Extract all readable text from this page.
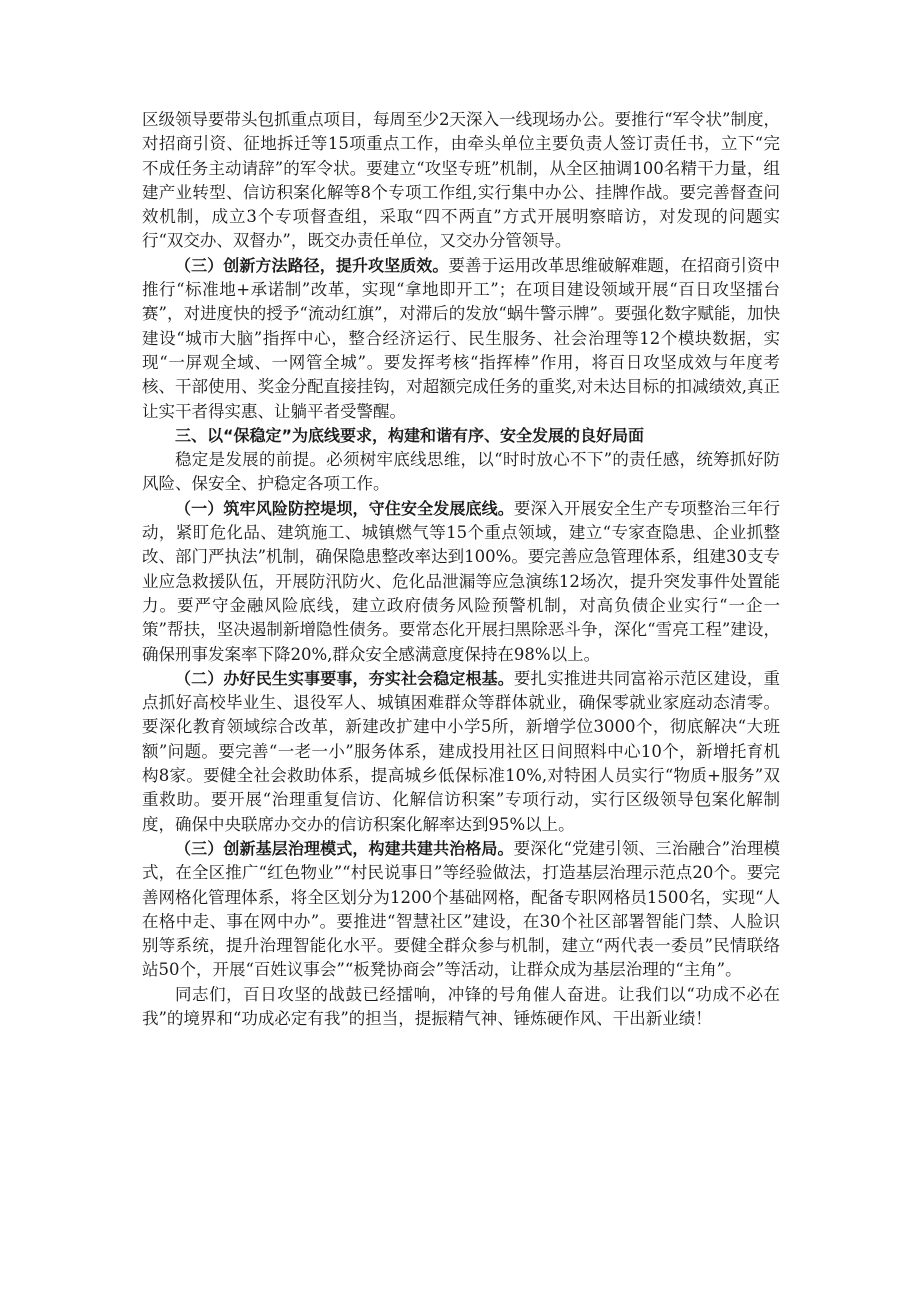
区级领导要带头包抓重点项目，每周至少2天深入一线现场办公。要推行“军令状”制度，对招商引资、征地拆迁等15项重点工作，由牵头单位主要负责人签订责任书，立下“完不成任务主动请辞”的军令状。要建立“攻坚专班”机制，从全区抽调100名精干力量，组建产业转型、信访积案化解等8个专项工作组,实行集中办公、挂牌作战。要完善督查问效机制，成立3个专项督查组，采取“四不两直”方式开展明察暗访，对发现的问题实行“双交办、双督办”，既交办责任单位，又交办分管领导。

（三）创新方法路径，提升攻坚质效。要善于运用改革思维破解难题，在招商引资中推行“标准地+承诺制”改革，实现“拿地即开工”；在项目建设领域开展“百日攻坚擂台赛”，对进度快的授予“流动红旗”，对滞后的发放“蜗牛警示牌”。要强化数字赋能，加快建设“城市大脑”指挥中心，整合经济运行、民生服务、社会治理等12个模块数据，实现“一屏观全域、一网管全城”。要发挥考核“指挥棒”作用，将百日攻坚成效与年度考核、干部使用、奖金分配直接挂钩，对超额完成任务的重奖,对未达目标的扣减绩效,真正让实干者得实惠、让躺平者受警醒。

三、以“保稳定”为底线要求，构建和谐有序、安全发展的良好局面

稳定是发展的前提。必须树牢底线思维，以“时时放心不下”的责任感，统筹抓好防风险、保安全、护稳定各项工作。

（一）筑牢风险防控堤坝，守住安全发展底线。要深入开展安全生产专项整治三年行动，紧盯危化品、建筑施工、城镇燃气等15个重点领域，建立“专家查隐患、企业抓整改、部门严执法”机制，确保隐患整改率达到100%。要完善应急管理体系，组建30支专业应急救援队伍，开展防汛防火、危化品泄漏等应急演练12场次，提升突发事件处置能力。要严守金融风险底线，建立政府债务风险预警机制，对高负债企业实行“一企一策”帮扶，坚决遏制新增隐性债务。要常态化开展扫黑除恶斗争，深化“雪亮工程”建设，确保刑事发案率下降20%,群众安全感满意度保持在98%以上。

（二）办好民生实事要事，夯实社会稳定根基。要扎实推进共同富裕示范区建设，重点抓好高校毕业生、退役军人、城镇困难群众等群体就业，确保零就业家庭动态清零。要深化教育领域综合改革，新建改扩建中小学5所，新增学位3000个，彻底解决“大班额”问题。要完善“一老一小”服务体系，建成投用社区日间照料中心10个，新增托育机构8家。要健全社会救助体系，提高城乡低保标准10%,对特困人员实行“物质+服务”双重救助。要开展“治理重复信访、化解信访积案”专项行动，实行区级领导包案化解制度，确保中央联席办交办的信访积案化解率达到95%以上。

（三）创新基层治理模式，构建共建共治格局。要深化“党建引领、三治融合”治理模式，在全区推广“红色物业”“村民说事日”等经验做法，打造基层治理示范点20个。要完善网格化管理体系，将全区划分为1200个基础网格，配备专职网格员1500名，实现“人在格中走、事在网中办”。要推进“智慧社区”建设，在30个社区部署智能门禁、人脸识别等系统，提升治理智能化水平。要健全群众参与机制，建立“两代表一委员”民情联络站50个，开展“百姓议事会”“板凳协商会”等活动，让群众成为基层治理的“主角”。

同志们，百日攻坚的战鼓已经擂响，冲锋的号角催人奋进。让我们以“功成不必在我”的境界和“功成必定有我”的担当，提振精气神、锤炼硬作风、干出新业绩！
